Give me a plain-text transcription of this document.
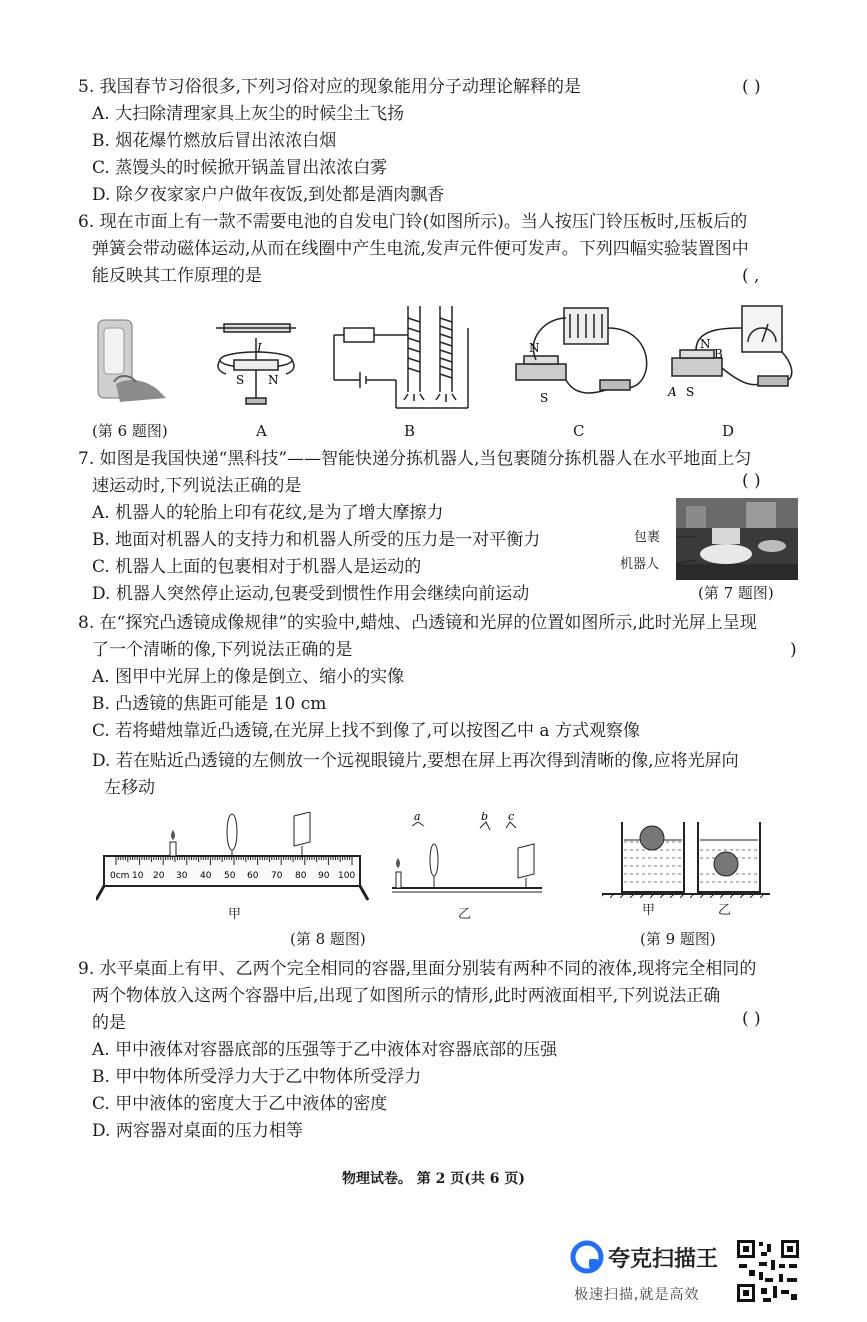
5. 我国春节习俗很多,下列习俗对应的现象能用分子动理论解释的是	( )
A. 大扫除清理家具上灰尘的时候尘土飞扬
B. 烟花爆竹燃放后冒出浓浓白烟
C. 蒸馒头的时候掀开锅盖冒出浓浓白雾
D. 除夕夜家家户户做年夜饭,到处都是酒肉飘香
6. 现在市面上有一款不需要电池的自发电门铃(如图所示)。当人按压门铃压板时,压板后的
弹簧会带动磁体运动,从而在线圈中产生电流,发声元件便可发声。下列四幅实验装置图中
能反映其工作原理的是	( ,
I
S N
N
S
N
B
A S
(第 6 题图)	A	B	C	D
7. 如图是我国快递“黑科技”——智能快递分拣机器人,当包裹随分拣机器人在水平地面上匀
速运动时,下列说法正确的是	( )
A. 机器人的轮胎上印有花纹,是为了增大摩擦力
B. 地面对机器人的支持力和机器人所受的压力是一对平衡力
C. 机器人上面的包裹相对于机器人是运动的
D. 机器人突然停止运动,包裹受到惯性作用会继续向前运动
包裹
机器人
(第 7 题图)
8. 在“探究凸透镜成像规律”的实验中,蜡烛、凸透镜和光屏的位置如图所示,此时光屏上呈现
了一个清晰的像,下列说法正确的是	)
A. 图甲中光屏上的像是倒立、缩小的实像
B. 凸透镜的焦距可能是 10 cm
C. 若将蜡烛靠近凸透镜,在光屏上找不到像了,可以按图乙中 a 方式观察像
D. 若在贴近凸透镜的左侧放一个远视眼镜片,要想在屏上再次得到清晰的像,应将光屏向
左移动
0cm 10 20 30 40 50 60 70 80 90 100
甲
a	b c
乙
(第 8 题图)
甲	乙
(第 9 题图)
9. 水平桌面上有甲、乙两个完全相同的容器,里面分别装有两种不同的液体,现将完全相同的
两个物体放入这两个容器中后,出现了如图所示的情形,此时两液面相平,下列说法正确
的是	( )
A. 甲中液体对容器底部的压强等于乙中液体对容器底部的压强
B. 甲中物体所受浮力大于乙中物体所受浮力
C. 甲中液体的密度大于乙中液体的密度
D. 两容器对桌面的压力相等
物理试卷。 第 2 页(共 6 页)
夸克扫描王
极速扫描,就是高效
